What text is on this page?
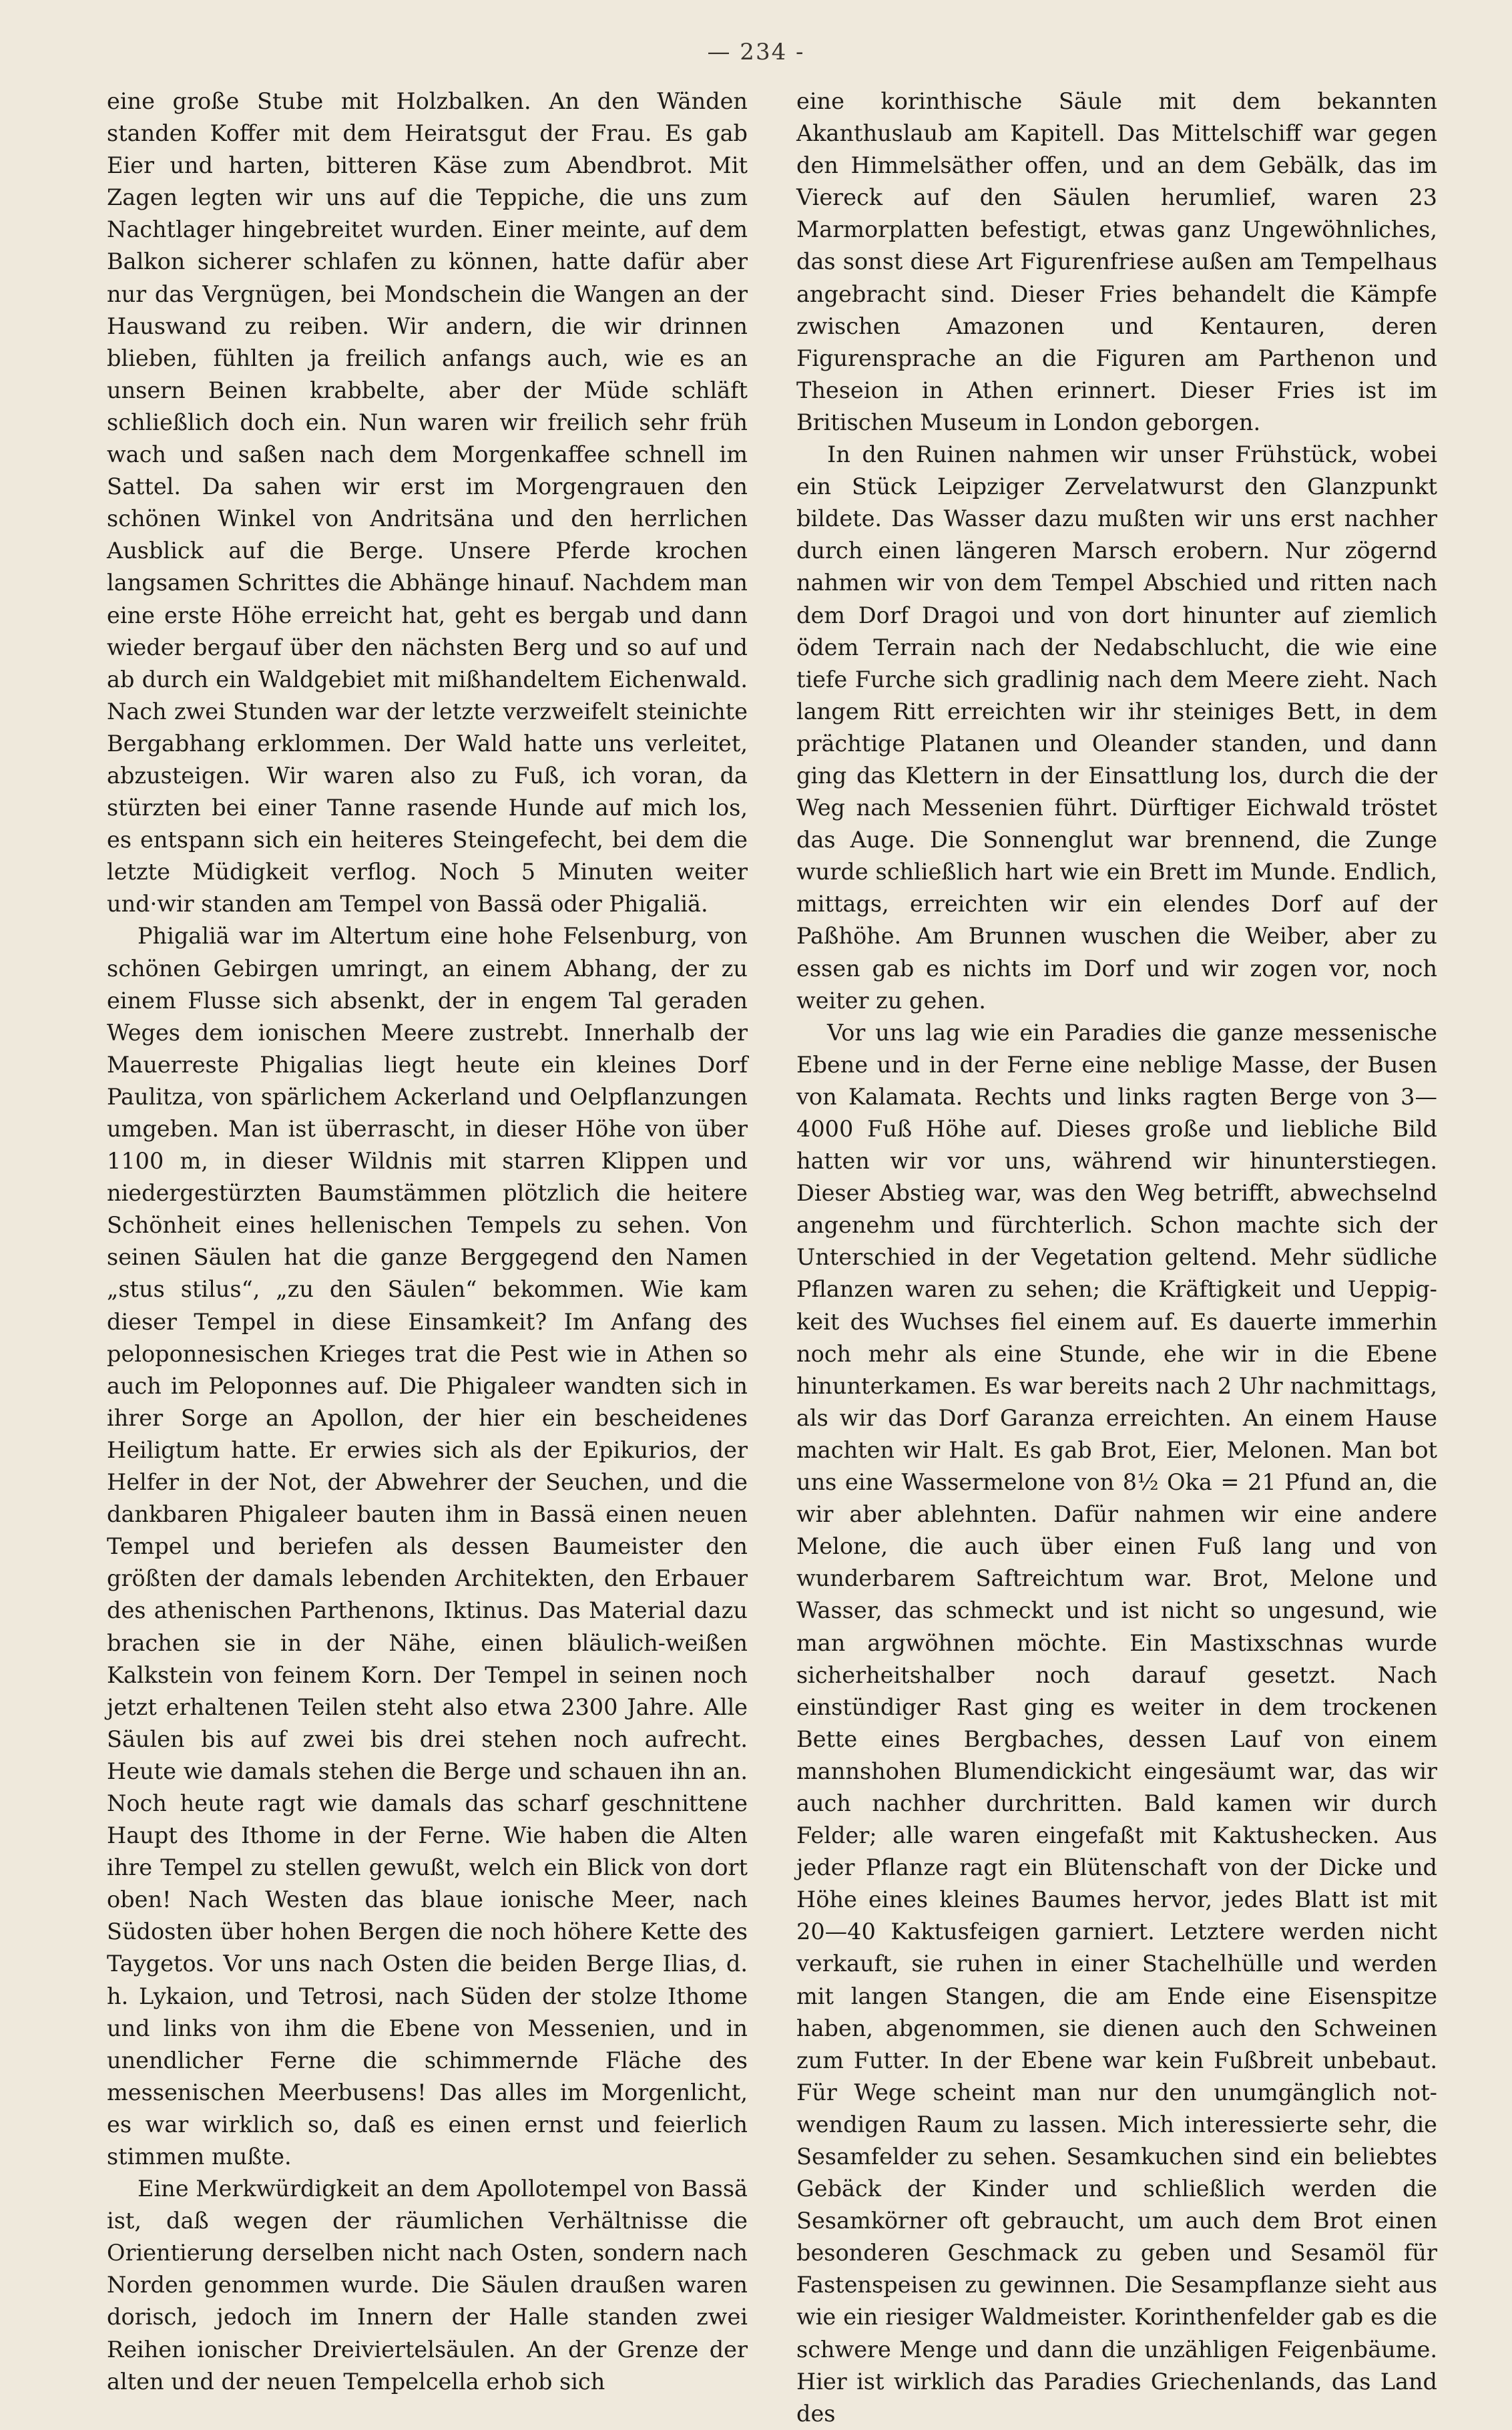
— 234 -

eine große Stube mit Holzbalken. An den Wänden standen Koffer mit dem Heiratsgut der Frau. Es gab Eier und harten, bitteren Käse zum Abendbrot. Mit Zagen legten wir uns auf die Teppiche, die uns zum Nachtlager hingebreitet wurden. Einer meinte, auf dem Balkon sicherer schlafen zu können, hatte dafür aber nur das Vergnügen, bei Mondschein die Wangen an der Hauswand zu reiben. Wir andern, die wir drinnen blieben, fühlten ja freilich anfangs auch, wie es an unsern Beinen krabbelte, aber der Müde schläft schließlich doch ein. Nun waren wir freilich sehr früh wach und saßen nach dem Morgenkaffee schnell im Sattel. Da sahen wir erst im Morgengrauen den schönen Winkel von Andritsäna und den herrlichen Ausblick auf die Berge. Unsere Pferde krochen langsamen Schrittes die Abhänge hinauf. Nachdem man eine erste Höhe erreicht hat, geht es bergab und dann wieder bergauf über den nächsten Berg und so auf und ab durch ein Waldgebiet mit mißhandeltem Eichenwald. Nach zwei Stunden war der letzte verzweifelt steinichte Bergabhang erklommen. Der Wald hatte uns verleitet, abzusteigen. Wir waren also zu Fuß, ich voran, da stürzten bei einer Tanne rasende Hunde auf mich los, es entspann sich ein heiteres Steingefecht, bei dem die letzte Müdigkeit verflog. Noch 5 Minuten weiter und·wir standen am Tempel von Bassä oder Phigaliä.

Phigaliä war im Altertum eine hohe Felsenburg, von schönen Gebirgen umringt, an einem Abhang, der zu einem Flusse sich absenkt, der in engem Tal geraden Weges dem ionischen Meere zustrebt. Innerhalb der Mauerreste Phigalias liegt heute ein kleines Dorf Paulitza, von spärlichem Ackerland und Oelpflanzungen umgeben. Man ist überrascht, in dieser Höhe von über 1100 m, in dieser Wildnis mit starren Klippen und niedergestürzten Baumstämmen plötzlich die heitere Schönheit eines hellenischen Tempels zu sehen. Von seinen Säulen hat die ganze Berggegend den Namen „stus stilus“, „zu den Säulen“ bekommen. Wie kam dieser Tempel in diese Einsamkeit? Im Anfang des peloponnesischen Krieges trat die Pest wie in Athen so auch im Peloponnes auf. Die Phigaleer wandten sich in ihrer Sorge an Apollon, der hier ein bescheidenes Heiligtum hatte. Er erwies sich als der Epikurios, der Helfer in der Not, der Abwehrer der Seuchen, und die dankbaren Phigaleer bauten ihm in Bassä einen neuen Tempel und beriefen als dessen Baumeister den größten der damals lebenden Architekten, den Erbauer des athenischen Parthenons, Iktinus. Das Material dazu brachen sie in der Nähe, einen bläulich-weißen Kalkstein von feinem Korn. Der Tempel in seinen noch jetzt erhaltenen Teilen steht also etwa 2300 Jahre. Alle Säulen bis auf zwei bis drei stehen noch aufrecht. Heute wie damals stehen die Berge und schauen ihn an. Noch heute ragt wie damals das scharf geschnittene Haupt des Ithome in der Ferne. Wie haben die Alten ihre Tempel zu stellen gewußt, welch ein Blick von dort oben! Nach Westen das blaue ionische Meer, nach Südosten über hohen Bergen die noch höhere Kette des Taygetos. Vor uns nach Osten die beiden Berge Ilias, d. h. Lykaion, und Tetrosi, nach Süden der stolze Ithome und links von ihm die Ebene von Messenien, und in unendlicher Ferne die schimmernde Fläche des messenischen Meerbusens! Das alles im Morgenlicht, es war wirklich so, daß es einen ernst und feierlich stimmen mußte.

Eine Merkwürdigkeit an dem Apollotempel von Bassä ist, daß wegen der räumlichen Verhältnisse die Orientierung derselben nicht nach Osten, sondern nach Norden genommen wurde. Die Säulen draußen waren dorisch, jedoch im Innern der Halle standen zwei Reihen ionischer Dreiviertelsäulen. An der Grenze der alten und der neuen Tempelcella erhob sich

eine korinthische Säule mit dem bekannten Akanthuslaub am Kapitell. Das Mittelschiff war gegen den Himmelsäther offen, und an dem Gebälk, das im Viereck auf den Säulen herumlief, waren 23 Marmorplatten befestigt, etwas ganz Ungewöhnliches, das sonst diese Art Figurenfriese außen am Tempelhaus angebracht sind. Dieser Fries behandelt die Kämpfe zwischen Amazonen und Kentauren, deren Figurensprache an die Figuren am Parthenon und Theseion in Athen erinnert. Dieser Fries ist im Britischen Museum in London geborgen.

In den Ruinen nahmen wir unser Frühstück, wobei ein Stück Leipziger Zervelatwurst den Glanzpunkt bildete. Das Wasser dazu mußten wir uns erst nachher durch einen längeren Marsch erobern. Nur zögernd nahmen wir von dem Tempel Abschied und ritten nach dem Dorf Dragoi und von dort hinunter auf ziemlich ödem Terrain nach der Nedabschlucht, die wie eine tiefe Furche sich gradlinig nach dem Meere zieht. Nach langem Ritt erreichten wir ihr steiniges Bett, in dem prächtige Platanen und Oleander standen, und dann ging das Klettern in der Einsattlung los, durch die der Weg nach Messenien führt. Dürftiger Eichwald tröstet das Auge. Die Sonnenglut war brennend, die Zunge wurde schließlich hart wie ein Brett im Munde. Endlich, mittags, erreichten wir ein elendes Dorf auf der Paßhöhe. Am Brunnen wuschen die Weiber, aber zu essen gab es nichts im Dorf und wir zogen vor, noch weiter zu gehen.

Vor uns lag wie ein Paradies die ganze messenische Ebene und in der Ferne eine neblige Masse, der Busen von Kalamata. Rechts und links ragten Berge von 3—4000 Fuß Höhe auf. Dieses große und liebliche Bild hatten wir vor uns, während wir hinunterstiegen. Dieser Abstieg war, was den Weg betrifft, abwechselnd angenehm und fürchterlich. Schon machte sich der Unterschied in der Vegetation geltend. Mehr südliche Pflanzen waren zu sehen; die Kräftigkeit und Ueppigkeit des Wuchses fiel einem auf. Es dauerte immerhin noch mehr als eine Stunde, ehe wir in die Ebene hinunterkamen. Es war bereits nach 2 Uhr nachmittags, als wir das Dorf Garanza erreichten. An einem Hause machten wir Halt. Es gab Brot, Eier, Melonen. Man bot uns eine Wassermelone von 8½ Oka = 21 Pfund an, die wir aber ablehnten. Dafür nahmen wir eine andere Melone, die auch über einen Fuß lang und von wunderbarem Saftreichtum war. Brot, Melone und Wasser, das schmeckt und ist nicht so ungesund, wie man argwöhnen möchte. Ein Mastixschnas wurde sicherheitshalber noch darauf gesetzt. Nach einstündiger Rast ging es weiter in dem trockenen Bette eines Bergbaches, dessen Lauf von einem mannshohen Blumendickicht eingesäumt war, das wir auch nachher durchritten. Bald kamen wir durch Felder; alle waren eingefaßt mit Kaktushecken. Aus jeder Pflanze ragt ein Blütenschaft von der Dicke und Höhe eines kleines Baumes hervor, jedes Blatt ist mit 20—40 Kaktusfeigen garniert. Letztere werden nicht verkauft, sie ruhen in einer Stachelhülle und werden mit langen Stangen, die am Ende eine Eisenspitze haben, abgenommen, sie dienen auch den Schweinen zum Futter. In der Ebene war kein Fußbreit unbebaut. Für Wege scheint man nur den unumgänglich notwendigen Raum zu lassen. Mich interessierte sehr, die Sesamfelder zu sehen. Sesamkuchen sind ein beliebtes Gebäck der Kinder und schließlich werden die Sesamkörner oft gebraucht, um auch dem Brot einen besonderen Geschmack zu geben und Sesamöl für Fastenspeisen zu gewinnen. Die Sesampflanze sieht aus wie ein riesiger Waldmeister. Korinthenfelder gab es die schwere Menge und dann die unzähligen Feigenbäume. Hier ist wirklich das Paradies Griechenlands, das Land des
